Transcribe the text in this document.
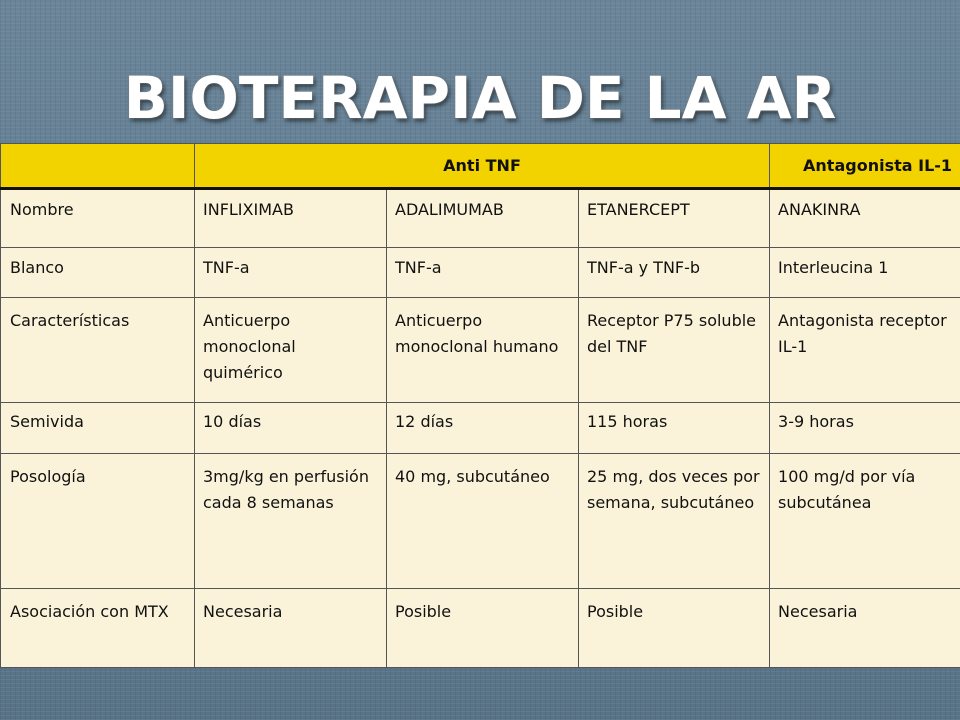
BIOTERAPIA DE LA AR
	Anti TNF			Antagonista IL-1
Nombre	INFLIXIMAB	ADALIMUMAB	ETANERCEPT	ANAKINRA
Blanco	TNF-a	TNF-a	TNF-a y TNF-b	Interleucina 1
Características	Anticuerpo monoclonal quimérico	Anticuerpo monoclonal humano	Receptor P75 soluble del TNF	Antagonista receptor IL-1
Semivida	10 días	12 días	115 horas	3-9 horas
Posología	3mg/kg en perfusión cada 8 semanas	40 mg, subcutáneo	25 mg, dos veces por semana, subcutáneo	100 mg/d por vía subcutánea
Asociación con MTX	Necesaria	Posible	Posible	Necesaria
